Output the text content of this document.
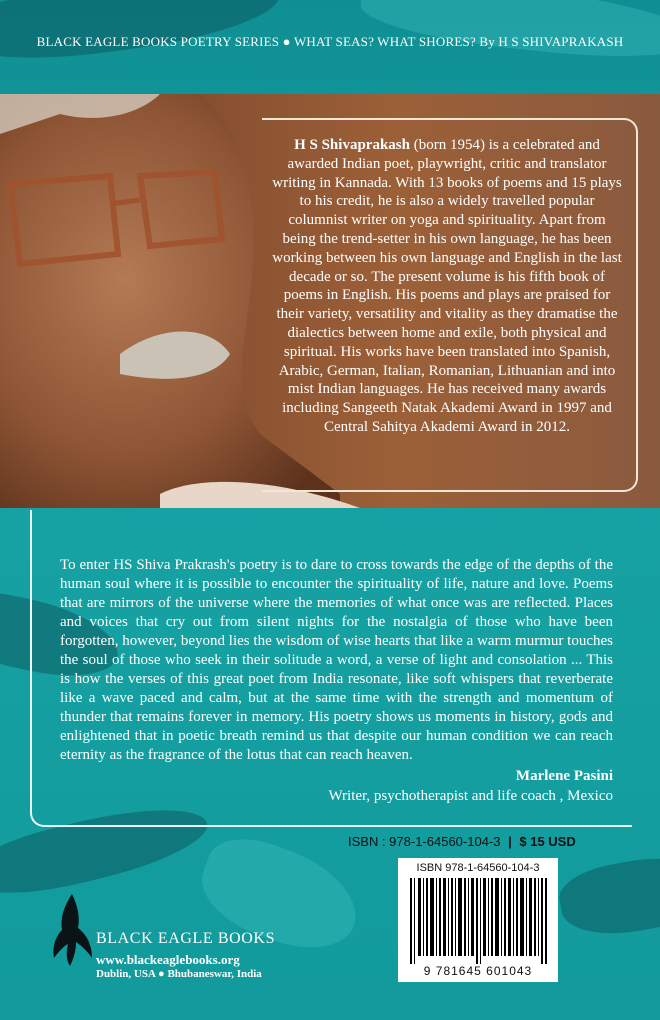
BLACK EAGLE BOOKS POETRY SERIES ● WHAT SEAS? WHAT SHORES? By H S SHIVAPRAKASH
H S Shivaprakash (born 1954) is a celebrated and awarded Indian poet, playwright, critic and translator writing in Kannada. With 13 books of poems and 15 plays to his credit, he is also a widely travelled popular columnist writer on yoga and spirituality. Apart from being the trend-setter in his own language, he has been working between his own language and English in the last decade or so. The present volume is his fifth book of poems in English. His poems and plays are praised for their variety, versatility and vitality as they dramatise the dialectics between home and exile, both physical and spiritual. His works have been translated into Spanish, Arabic, German, Italian, Romanian, Lithuanian and into mist Indian languages. He has received many awards including Sangeeth Natak Akademi Award in 1997 and Central Sahitya Akademi Award in 2012.
To enter HS Shiva Prakrash's poetry is to dare to cross towards the edge of the depths of the human soul where it is possible to encounter the spirituality of life, nature and love. Poems that are mirrors of the universe where the memories of what once was are reflected. Places and voices that cry out from silent nights for the nostalgia of those who have been forgotten, however, beyond lies the wisdom of wise hearts that like a warm murmur touches the soul of those who seek in their solitude a word, a verse of light and consolation ... This is how the verses of this great poet from India resonate, like soft whispers that reverberate like a wave paced and calm, but at the same time with the strength and momentum of thunder that remains forever in memory. His poetry shows us moments in history, gods and enlightened that in poetic breath remind us that despite our human condition we can reach eternity as the fragrance of the lotus that can reach heaven.
Marlene Pasini
Writer, psychotherapist and life coach , Mexico
ISBN : 978-1-64560-104-3 | $ 15 USD
ISBN 978-1-64560-104-3
9 781645 601043
BLACK EAGLE BOOKS
www.blackeaglebooks.org
Dublin, USA ● Bhubaneswar, India
